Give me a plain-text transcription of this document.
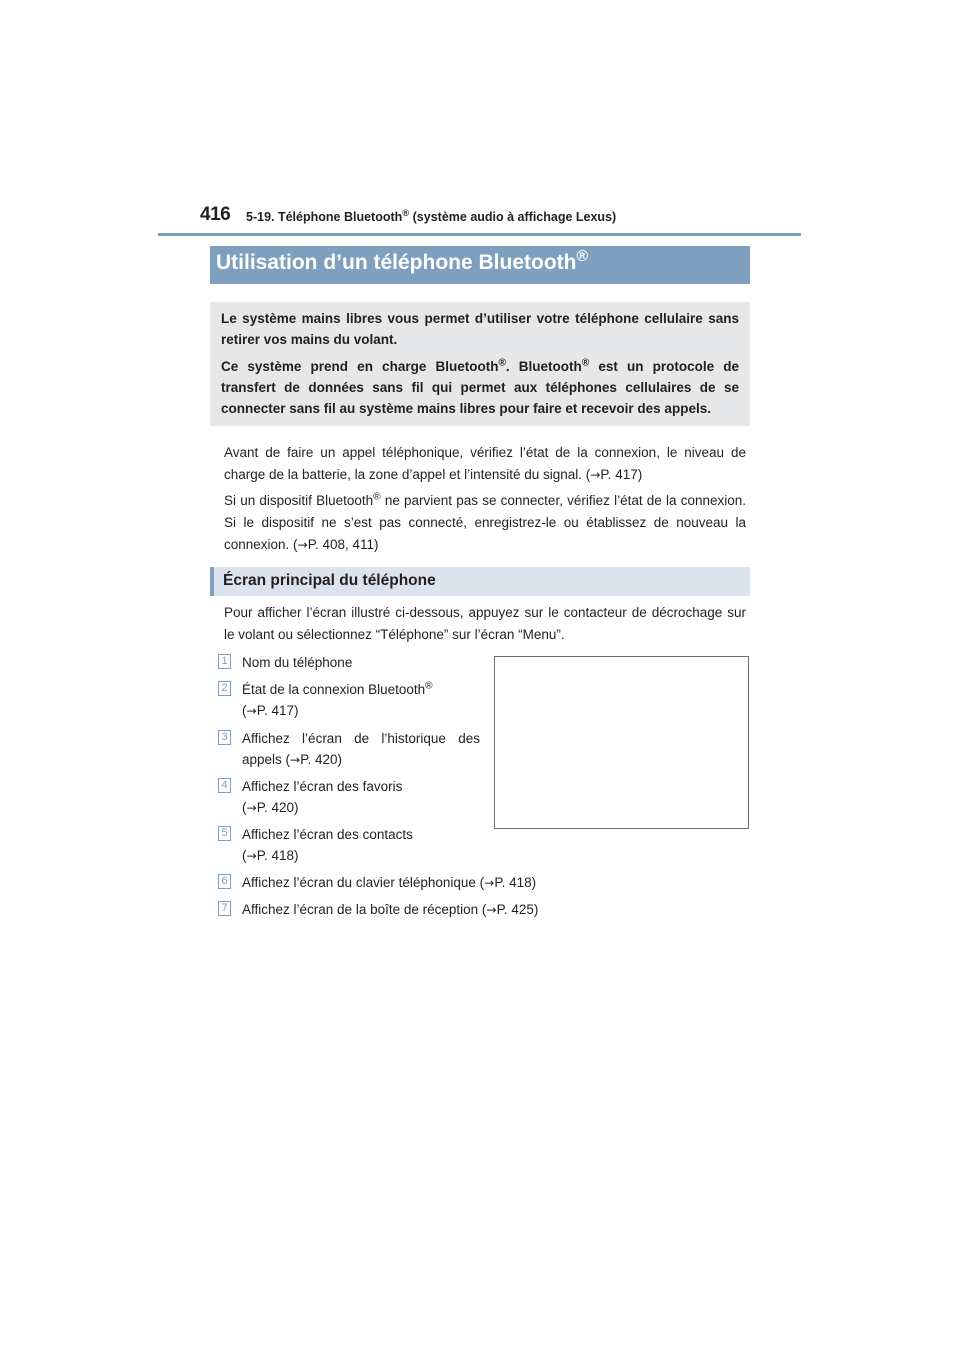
416 5-19. Téléphone Bluetooth® (système audio à affichage Lexus)
Utilisation d’un téléphone Bluetooth®

Le système mains libres vous permet d’utiliser votre téléphone cellulaire sans retirer vos mains du volant.

Ce système prend en charge Bluetooth®. Bluetooth® est un protocole de transfert de données sans fil qui permet aux téléphones cellulaires de se connecter sans fil au système mains libres pour faire et recevoir des appels.

Avant de faire un appel téléphonique, vérifiez l’état de la connexion, le niveau de charge de la batterie, la zone d’appel et l’intensité du signal. (→P. 417)

Si un dispositif Bluetooth® ne parvient pas se connecter, vérifiez l’état de la connexion. Si le dispositif ne s’est pas connecté, enregistrez-le ou établissez de nouveau la connexion. (→P. 408, 411)

Écran principal du téléphone

Pour afficher l’écran illustré ci-dessous, appuyez sur le contacteur de décrochage sur le volant ou sélectionnez “Téléphone” sur l’écran “Menu”.

1 Nom du téléphone

2 État de la connexion Bluetooth®
(→P. 417)

3 Affichez l’écran de l’historique des appels (→P. 420)

4 Affichez l’écran des favoris
(→P. 420)

5 Affichez l’écran des contacts
(→P. 418)

6 Affichez l’écran du clavier téléphonique (→P. 418)

7 Affichez l’écran de la boîte de réception (→P. 425)
